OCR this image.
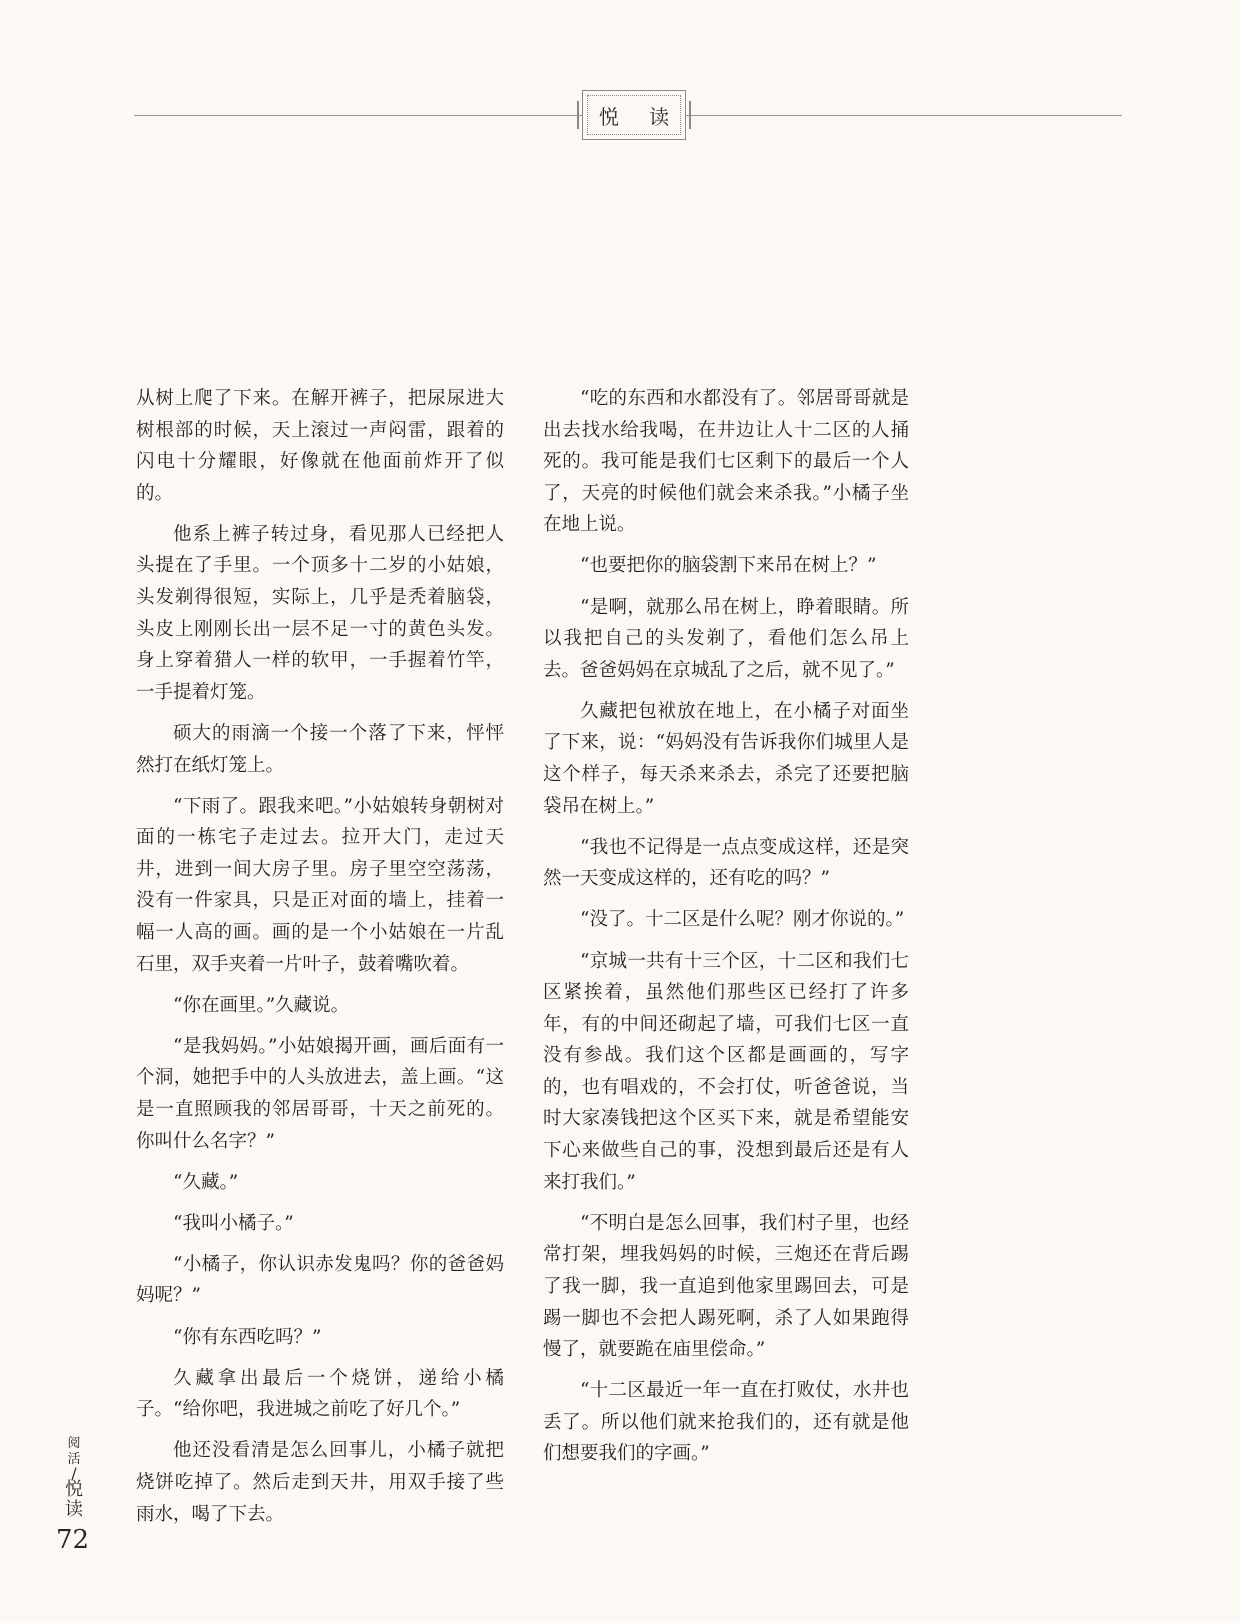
悦 读

从树上爬了下来。在解开裤子，把尿尿进大树根部的时候，天上滚过一声闷雷，跟着的闪电十分耀眼，好像就在他面前炸开了似的。

他系上裤子转过身，看见那人已经把人头提在了手里。一个顶多十二岁的小姑娘，头发剃得很短，实际上，几乎是秃着脑袋，头皮上刚刚长出一层不足一寸的黄色头发。身上穿着猎人一样的软甲，一手握着竹竿，一手提着灯笼。

硕大的雨滴一个接一个落了下来，怦怦然打在纸灯笼上。

“下雨了。跟我来吧。”小姑娘转身朝树对面的一栋宅子走过去。拉开大门，走过天井，进到一间大房子里。房子里空空荡荡，没有一件家具，只是正对面的墙上，挂着一幅一人高的画。画的是一个小姑娘在一片乱石里，双手夹着一片叶子，鼓着嘴吹着。

“你在画里。”久藏说。

“是我妈妈。”小姑娘揭开画，画后面有一个洞，她把手中的人头放进去，盖上画。“这是一直照顾我的邻居哥哥，十天之前死的。你叫什么名字？”

“久藏。”

“我叫小橘子。”

“小橘子，你认识赤发鬼吗？你的爸爸妈妈呢？”

“你有东西吃吗？”

久藏拿出最后一个烧饼，递给小橘子。“给你吧，我进城之前吃了好几个。”

他还没看清是怎么回事儿，小橘子就把烧饼吃掉了。然后走到天井，用双手接了些雨水，喝了下去。

“吃的东西和水都没有了。邻居哥哥就是出去找水给我喝，在井边让人十二区的人捅死的。我可能是我们七区剩下的最后一个人了，天亮的时候他们就会来杀我。”小橘子坐在地上说。

“也要把你的脑袋割下来吊在树上？”

“是啊，就那么吊在树上，睁着眼睛。所以我把自己的头发剃了，看他们怎么吊上去。爸爸妈妈在京城乱了之后，就不见了。”

久藏把包袱放在地上，在小橘子对面坐了下来，说：“妈妈没有告诉我你们城里人是这个样子，每天杀来杀去，杀完了还要把脑袋吊在树上。”

“我也不记得是一点点变成这样，还是突然一天变成这样的，还有吃的吗？”

“没了。十二区是什么呢？刚才你说的。”

“京城一共有十三个区，十二区和我们七区紧挨着，虽然他们那些区已经打了许多年，有的中间还砌起了墙，可我们七区一直没有参战。我们这个区都是画画的，写字的，也有唱戏的，不会打仗，听爸爸说，当时大家凑钱把这个区买下来，就是希望能安下心来做些自己的事，没想到最后还是有人来打我们。”

“不明白是怎么回事，我们村子里，也经常打架，埋我妈妈的时候，三炮还在背后踢了我一脚，我一直追到他家里踢回去，可是踢一脚也不会把人踢死啊，杀了人如果跑得慢了，就要跪在庙里偿命。”

“十二区最近一年一直在打败仗，水井也丢了。所以他们就来抢我们的，还有就是他们想要我们的字画。”

阅活
/
悦读
72
